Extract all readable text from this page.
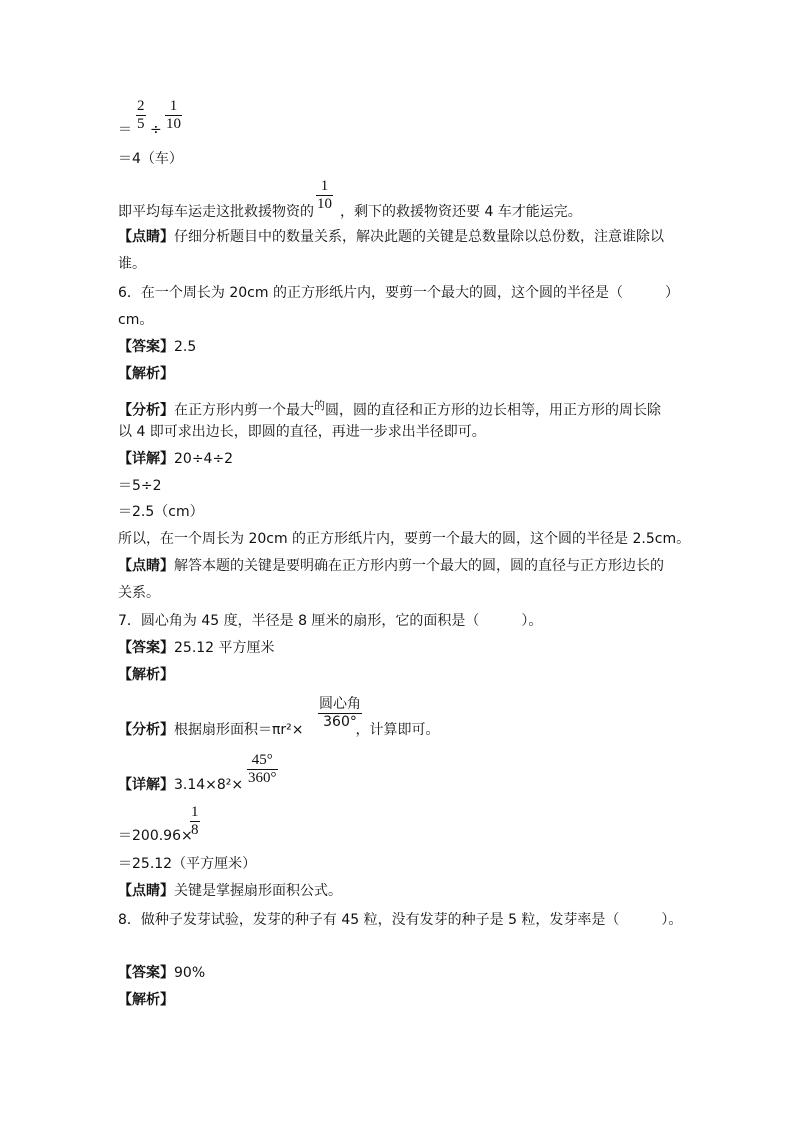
＝
2
5 ÷
1
10
＝4（车）
即平均每车运走这批救援物资的 ，剩下的救援物资还要 4 车才能运完。
1
10
【点睛】仔细分析题目中的数量关系，解决此题的关键是总数量除以总份数，注意谁除以
谁。
6．在一个周长为 20cm 的正方形纸片内，要剪一个最大的圆，这个圆的半径是（　　　）
cm。
【答案】2.5
【解析】
【分析】在正方形内剪一个最大$^的$圆，圆的直径和正方形的边长相等，用正方形的周长除
以 4 即可求出边长，即圆的直径，再进一步求出半径即可。
【详解】20÷4÷2
＝5÷2
＝2.5（cm）
所以，在一个周长为 20cm 的正方形纸片内，要剪一个最大的圆，这个圆的半径是 2.5cm。
【点睛】解答本题的关键是要明确在正方形内剪一个最大的圆，圆的直径与正方形边长的
关系。
7．圆心角为 45 度，半径是 8 厘米的扇形，它的面积是（　　　）。
【答案】25.12 平方厘米
【解析】
【分析】根据扇形面积＝πr²×	，计算即可。
圆心角
360°
【详解】3.14×8²×
45°
360°
＝200.96×
1
8
＝25.12（平方厘米）
【点睛】关键是掌握扇形面积公式。
8．做种子发芽试验，发芽的种子有 45 粒，没有发芽的种子是 5 粒，发芽率是（　　　）。
【答案】90%
【解析】
